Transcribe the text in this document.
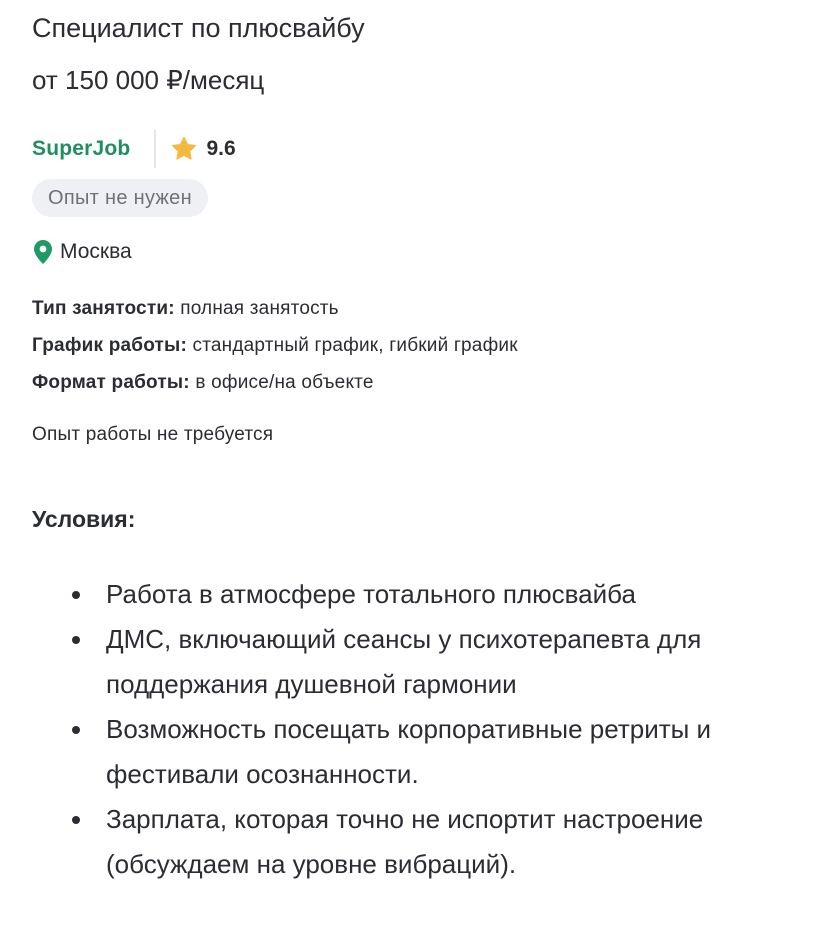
Специалист по плюсвайбу
от 150 000 ₽/месяц
SuperJob	9.6
Опыт не нужен
Москва
Тип занятости: полная занятость
График работы: стандартный график, гибкий график
Формат работы: в офисе/на объекте
Опыт работы не требуется
Условия:
Работа в атмосфере тотального плюсвайба
ДМС, включающий сеансы у психотерапевта для поддержания душевной гармонии
Возможность посещать корпоративные ретриты и фестивали осознанности.
Зарплата, которая точно не испортит настроение (обсуждаем на уровне вибраций).
